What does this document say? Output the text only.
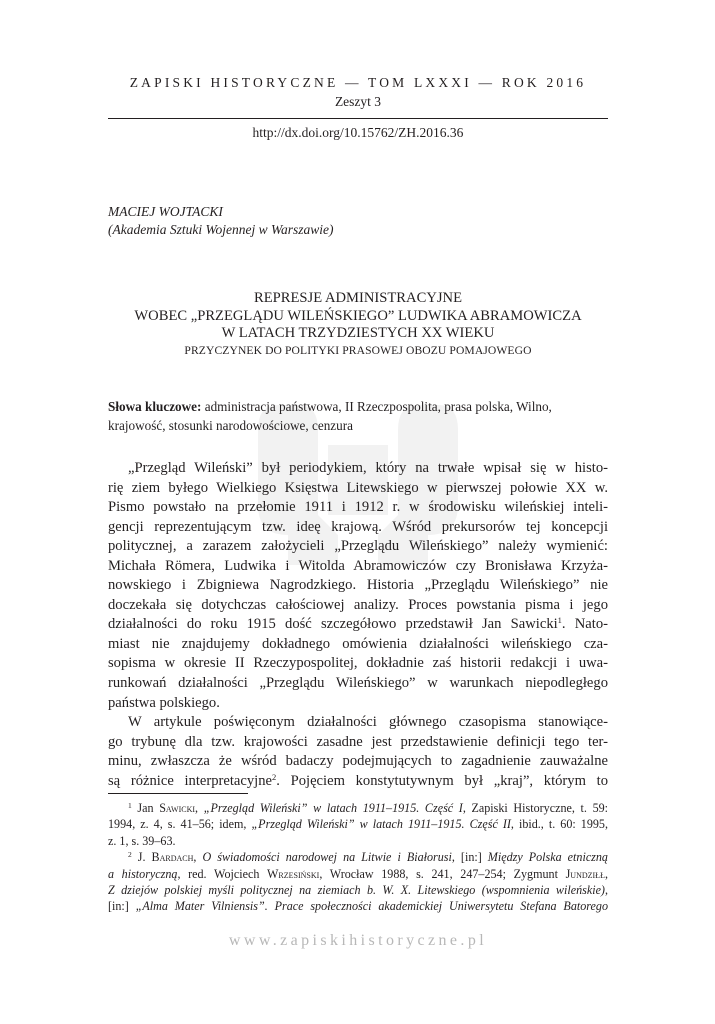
ZAPISKI HISTORYCZNE — TOM LXXXI — ROK 2016
Zeszyt 3
http://dx.doi.org/10.15762/ZH.2016.36
MACIEJ WOJTACKI
(Akademia Sztuki Wojennej w Warszawie)
REPRESJE ADMINISTRACYJNE
WOBEC „PRZEGLĄDU WILEŃSKIEGO” LUDWIKA ABRAMOWICZA
W LATACH TRZYDZIESTYCH XX WIEKU
PRZYCZYNEK DO POLITYKI PRASOWEJ OBOZU POMAJOWEGO
Słowa kluczowe: administracja państwowa, II Rzeczpospolita, prasa polska, Wilno,
krajowość, stosunki narodowościowe, cenzura
„Przegląd Wileński” był periodykiem, który na trwałe wpisał się w histo-
rię ziem byłego Wielkiego Księstwa Litewskiego w pierwszej połowie XX w.
Pismo powstało na przełomie 1911 i 1912 r. w środowisku wileńskiej inteli-
gencji reprezentującym tzw. ideę krajową. Wśród prekursorów tej koncepcji
politycznej, a zarazem założycieli „Przeglądu Wileńskiego” należy wymienić:
Michała Römera, Ludwika i Witolda Abramowiczów czy Bronisława Krzyża-
nowskiego i Zbigniewa Nagrodzkiego. Historia „Przeglądu Wileńskiego” nie
doczekała się dotychczas całościowej analizy. Proces powstania pisma i jego
działalności do roku 1915 dość szczegółowo przedstawił Jan Sawicki$^1$. Nato-
miast nie znajdujemy dokładnego omówienia działalności wileńskiego cza-
sopisma w okresie II Rzeczypospolitej, dokładnie zaś historii redakcji i uwa-
runkowań działalności „Przeglądu Wileńskiego” w warunkach niepodległego
państwa polskiego.
W artykule poświęconym działalności głównego czasopisma stanowiące-
go trybunę dla tzw. krajowości zasadne jest przedstawienie definicji tego ter-
minu, zwłaszcza że wśród badaczy podejmujących to zagadnienie zauważalne
są różnice interpretacyjne$^2$. Pojęciem konstytutywnym był „kraj”, którym to
$^1$ Jan Sawicki, „Przegląd Wileński” w latach 1911–1915. Część I, Zapiski Historyczne, t. 59:
1994, z. 4, s. 41–56; idem, „Przegląd Wileński” w latach 1911–1915. Część II, ibid., t. 60: 1995,
z. 1, s. 39–63.
$^2$ J. Bardach, O świadomości narodowej na Litwie i Białorusi, [in:] Między Polska etniczną
a historyczną, red. Wojciech Wrzesiński, Wrocław 1988, s. 241, 247–254; Zygmunt Jundziłł,
Z dziejów polskiej myśli politycznej na ziemiach b. W. X. Litewskiego (wspomnienia wileńskie),
[in:] „Alma Mater Vilniensis”. Prace społeczności akademickiej Uniwersytetu Stefana Batorego
www.zapiskihistoryczne.pl
